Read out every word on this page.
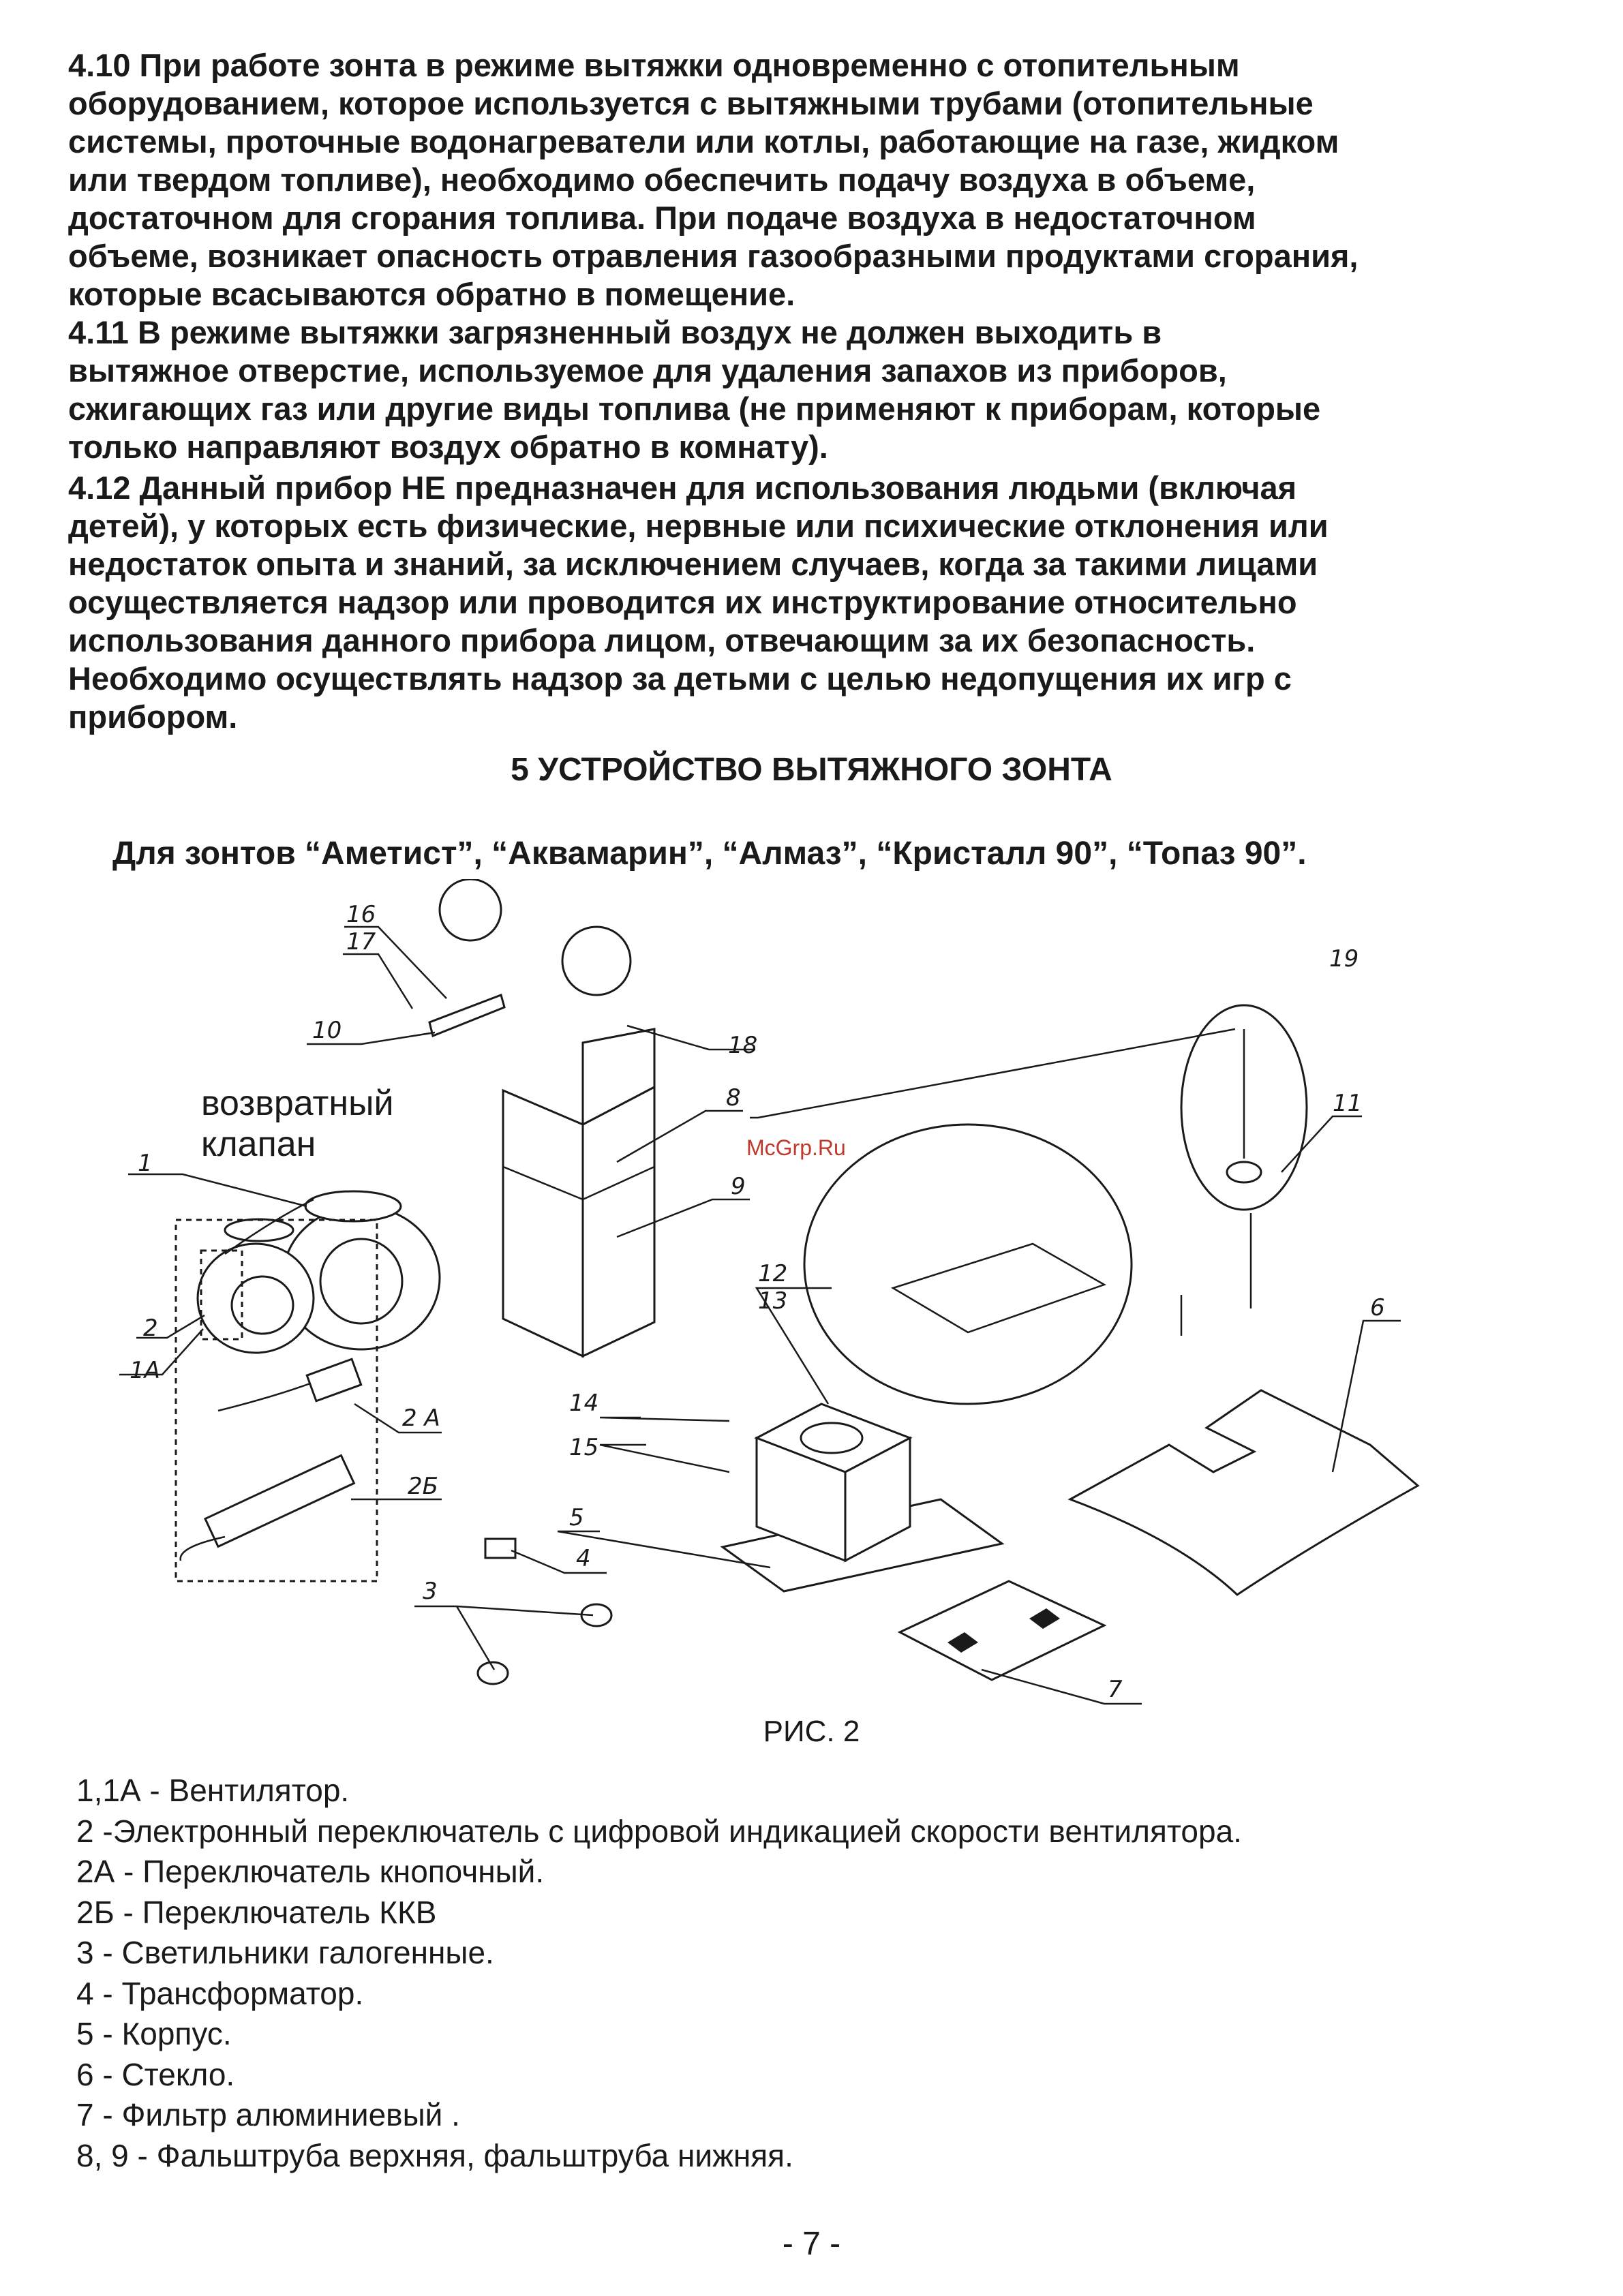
4.10 При работе зонта в режиме вытяжки одновременно с отопительным
оборудованием, которое используется с вытяжными трубами (отопительные
системы, проточные водонагреватели или котлы, работающие на газе, жидком
или твердом топливе), необходимо обеспечить подачу воздуха в объеме,
достаточном для сгорания топлива. При подаче воздуха в недостаточном
объеме, возникает опасность отравления газообразными продуктами сгорания,
которые всасываются обратно в помещение.

4.11 В режиме вытяжки загрязненный воздух не должен выходить в
вытяжное отверстие, используемое для удаления запахов из приборов,
сжигающих газ или другие виды топлива (не применяют к приборам, которые
только направляют воздух обратно в комнату).

4.12 Данный прибор НЕ предназначен для использования людьми (включая
детей), у которых есть физические, нервные или психические отклонения или
недостаток опыта и знаний, за исключением случаев, когда за такими лицами
осуществляется надзор или проводится их инструктирование относительно
использования данного прибора лицом, отвечающим за их безопасность.
Необходимо осуществлять надзор за детьми с целью недопущения их игр с
прибором.

5 УСТРОЙСТВО ВЫТЯЖНОГО ЗОНТА

Для зонтов “Аметист”, “Аквамарин”, “Алмаз”, “Кристалл 90”, “Топаз 90”.

возвратный
клапан	McGrp.Ru
1
2
1А
2 А
2Б
3
4
5
6
7
8
9
10
11
12
13
14
15
16
17
18
19

РИС. 2

1,1А - Вентилятор.
2 -Электронный переключатель с цифровой индикацией скорости вентилятора.
2А - Переключатель кнопочный.
2Б - Переключатель ККВ
3 - Светильники галогенные.
4 - Трансформатор.
5 - Корпус.
6 - Стекло.
7 - Фильтр алюминиевый .
8, 9 - Фальштруба верхняя, фальштруба нижняя.
- 7 -
